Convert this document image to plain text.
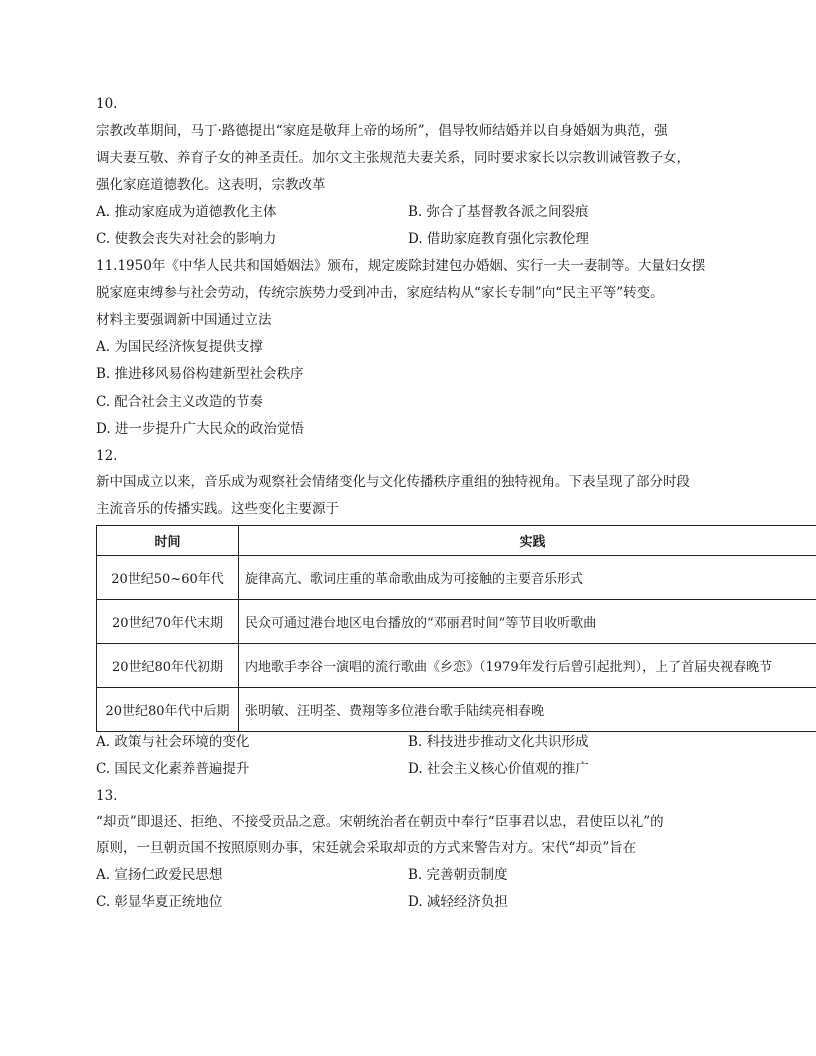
10.
宗教改革期间，马丁·路德提出“家庭是敬拜上帝的场所”，倡导牧师结婚并以自身婚姻为典范，强
调夫妻互敬、养育子女的神圣责任。加尔文主张规范夫妻关系，同时要求家长以宗教训诫管教子女，
强化家庭道德教化。这表明，宗教改革
A. 推动家庭成为道德教化主体	B. 弥合了基督教各派之间裂痕
C. 使教会丧失对社会的影响力	D. 借助家庭教育强化宗教伦理
11.1950年《中华人民共和国婚姻法》颁布，规定废除封建包办婚姻、实行一夫一妻制等。大量妇女摆
脱家庭束缚参与社会劳动，传统宗族势力受到冲击，家庭结构从“家长专制”向“民主平等”转变。
材料主要强调新中国通过立法
A. 为国民经济恢复提供支撑
B. 推进移风易俗构建新型社会秩序
C. 配合社会主义改造的节奏
D. 进一步提升广大民众的政治觉悟
12.
新中国成立以来，音乐成为观察社会情绪变化与文化传播秩序重组的独特视角。下表呈现了部分时段
主流音乐的传播实践。这些变化主要源于
时间	实践
20世纪50~60年代	旋律高亢、歌词庄重的革命歌曲成为可接触的主要音乐形式
20世纪70年代末期	民众可通过港台地区电台播放的“邓丽君时间”等节目收听歌曲
20世纪80年代初期	内地歌手李谷一演唱的流行歌曲《乡恋》（1979年发行后曾引起批判），上了首届央视春晚节
20世纪80年代中后期	张明敏、汪明荃、费翔等多位港台歌手陆续亮相春晚
A. 政策与社会环境的变化	B. 科技进步推动文化共识形成
C. 国民文化素养普遍提升	D. 社会主义核心价值观的推广
13.
“却贡”即退还、拒绝、不接受贡品之意。宋朝统治者在朝贡中奉行“臣事君以忠，君使臣以礼”的
原则，一旦朝贡国不按照原则办事，宋廷就会采取却贡的方式来警告对方。宋代“却贡”旨在
A. 宣扬仁政爱民思想	B. 完善朝贡制度
C. 彰显华夏正统地位	D. 减轻经济负担
